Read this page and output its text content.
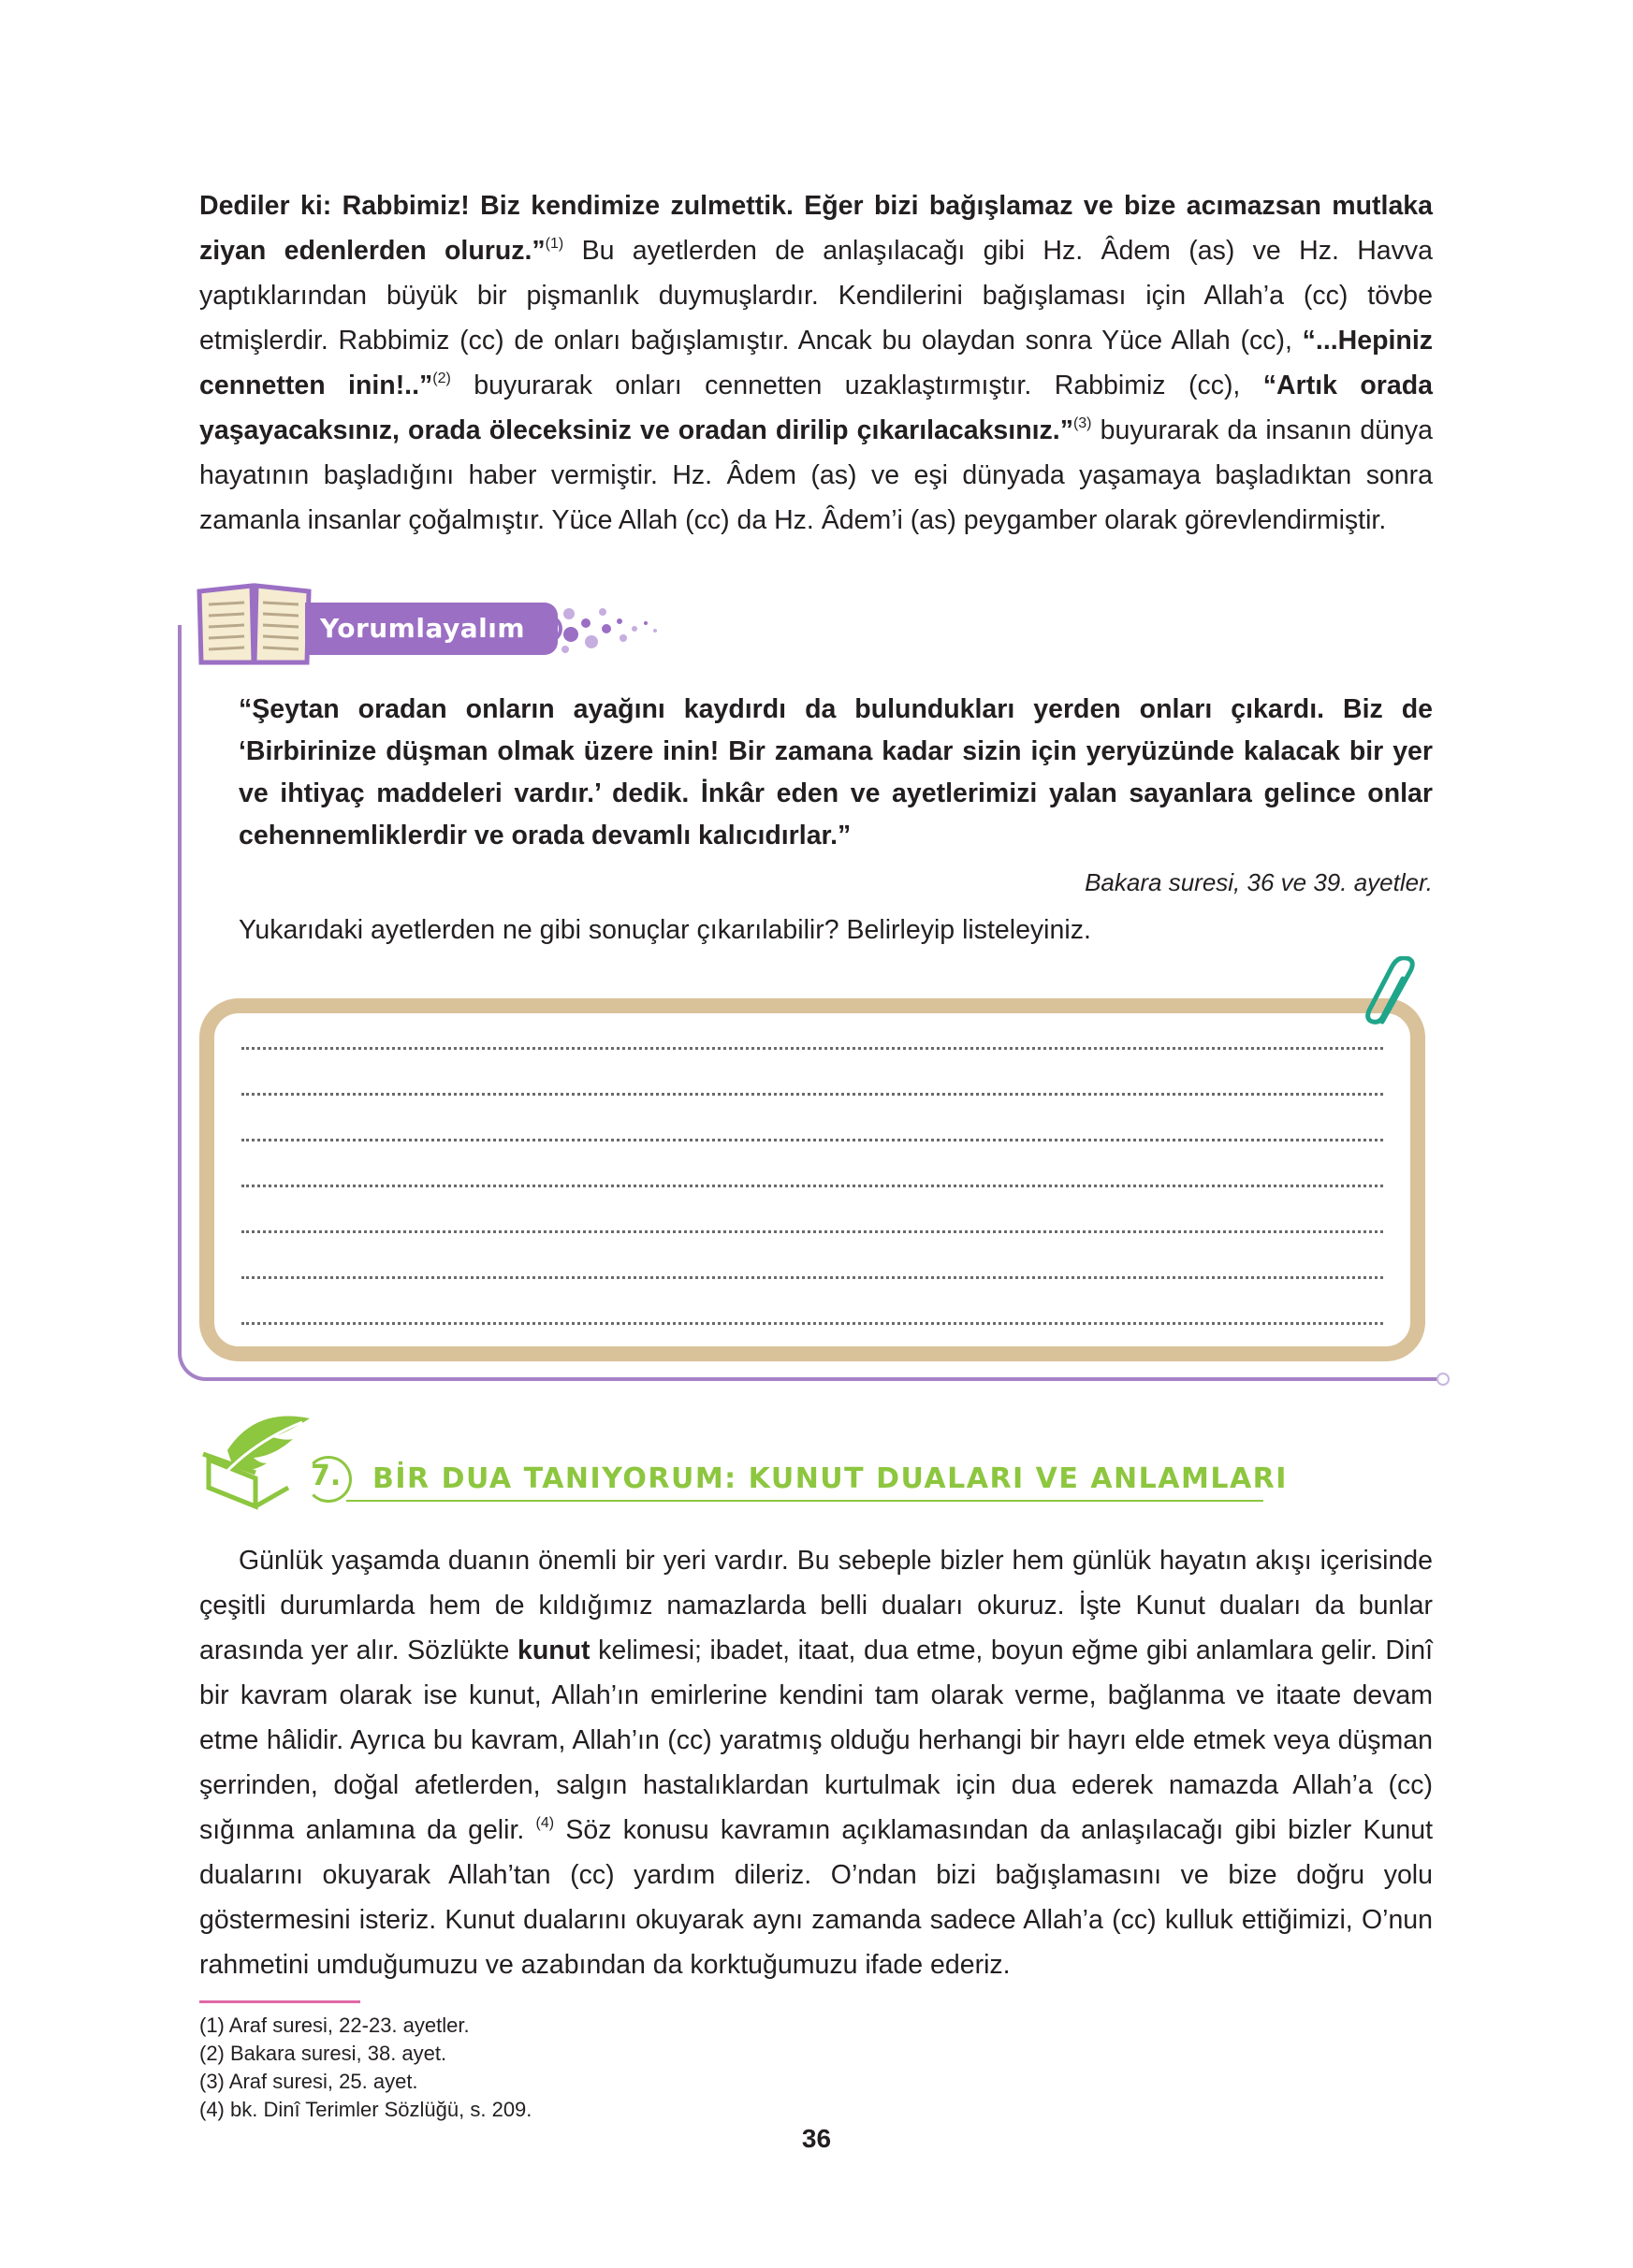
Dediler ki: Rabbimiz! Biz kendimize zulmettik. Eğer bizi bağışlamaz ve bize acımazsan mutlaka ziyan edenlerden oluruz.”$^{(1)}$ Bu ayetlerden de anlaşılacağı gibi Hz. Âdem (as) ve Hz. Havva yaptıklarından büyük bir pişmanlık duymuşlardır. Kendilerini bağışlaması için Allah’a (cc) tövbe etmişlerdir. Rabbimiz (cc) de onları bağışlamıştır. Ancak bu olaydan sonra Yüce Allah (cc), “...Hepiniz cennetten inin!..”$^{(2)}$ buyurarak onları cennetten uzaklaştırmıştır. Rabbimiz (cc), “Artık orada yaşayacaksınız, orada öleceksiniz ve oradan dirilip çıkarılacaksınız.”$^{(3)}$ buyurarak da insanın dünya hayatının başladığını haber vermiştir. Hz. Âdem (as) ve eşi dünyada yaşamaya başladıktan sonra zamanla insanlar çoğalmıştır. Yüce Allah (cc) da Hz. Âdem’i (as) peygamber olarak görevlendirmiştir.
Yorumlayalım
“Şeytan oradan onların ayağını kaydırdı da bulundukları yerden onları çıkardı. Biz de ‘Birbirinize düşman olmak üzere inin! Bir zamana kadar sizin için yeryüzünde kalacak bir yer ve ihtiyaç maddeleri vardır.’ dedik. İnkâr eden ve ayetlerimizi yalan sayanlara gelince onlar cehennemliklerdir ve orada devamlı kalıcıdırlar.”
Bakara suresi, 36 ve 39. ayetler.
Yukarıdaki ayetlerden ne gibi sonuçlar çıkarılabilir? Belirleyip listeleyiniz.
7. BİR DUA TANIYORUM: KUNUT DUALARI VE ANLAMLARI
Günlük yaşamda duanın önemli bir yeri vardır. Bu sebeple bizler hem günlük hayatın akışı içerisinde çeşitli durumlarda hem de kıldığımız namazlarda belli duaları okuruz. İşte Kunut duaları da bunlar arasında yer alır. Sözlükte kunut kelimesi; ibadet, itaat, dua etme, boyun eğme gibi anlamlara gelir. Dinî bir kavram olarak ise kunut, Allah’ın emirlerine kendini tam olarak verme, bağlanma ve itaate devam etme hâlidir. Ayrıca bu kavram, Allah’ın (cc) yaratmış olduğu herhangi bir hayrı elde etmek veya düşman şerrinden, doğal afetlerden, salgın hastalıklardan kurtulmak için dua ederek namazda Allah’a (cc) sığınma anlamına da gelir. $^{(4)}$ Söz konusu kavramın açıklamasından da anlaşılacağı gibi bizler Kunut dualarını okuyarak Allah’tan (cc) yardım dileriz. O’ndan bizi bağışlamasını ve bize doğru yolu göstermesini isteriz. Kunut dualarını okuyarak aynı zamanda sadece Allah’a (cc) kulluk ettiğimizi, O’nun rahmetini umduğumuzu ve azabından da korktuğumuzu ifade ederiz.
(1) Araf suresi, 22-23. ayetler.
(2) Bakara suresi, 38. ayet.
(3) Araf suresi, 25. ayet.
(4) bk. Dinî Terimler Sözlüğü, s. 209.
36
